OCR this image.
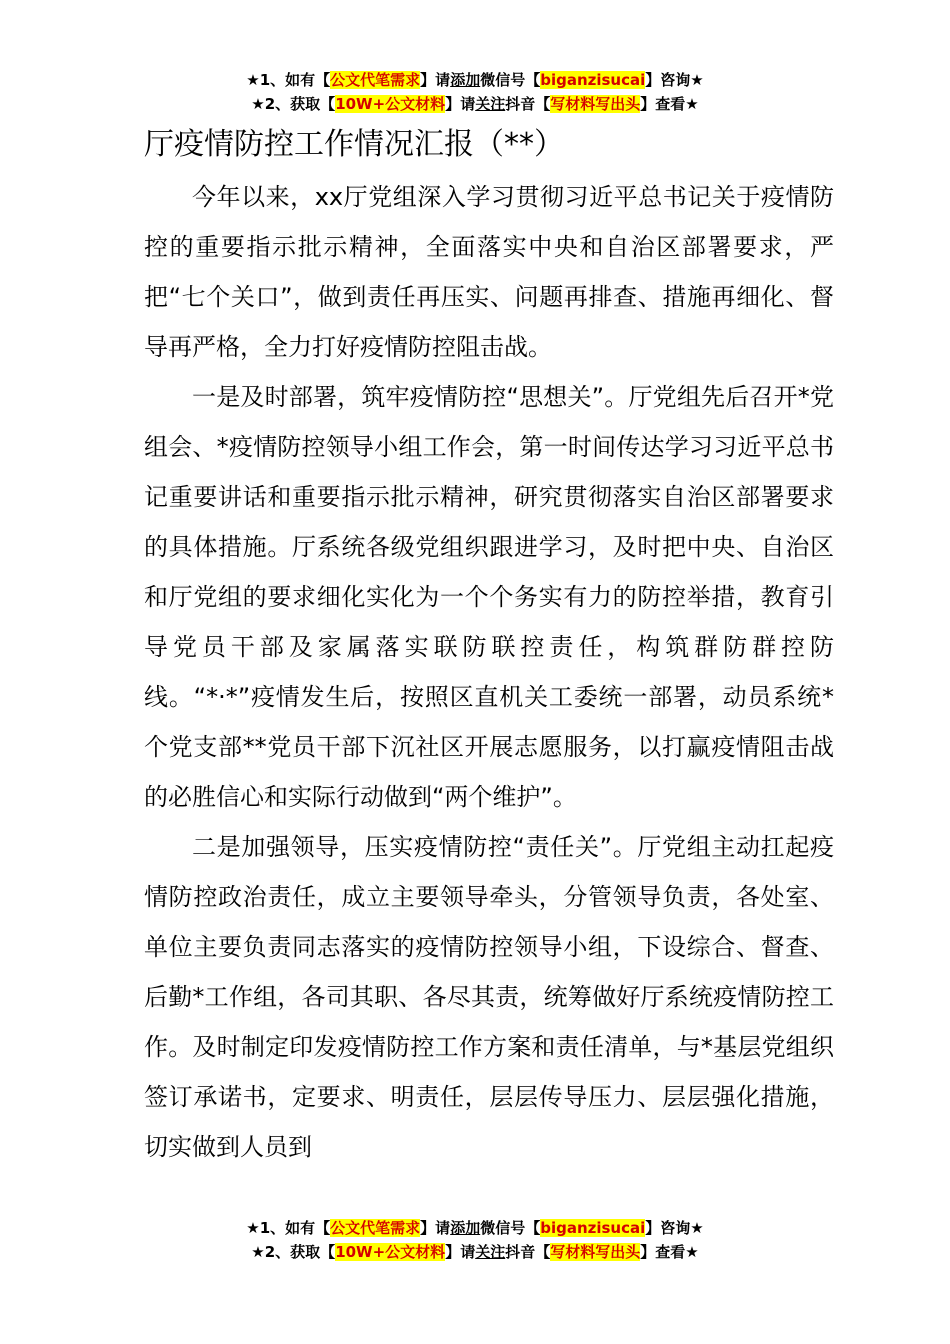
★1、如有【公文代笔需求】请添加微信号【biganzisucai】咨询★
★2、获取【10W+公文材料】请关注抖音【写材料写出头】查看★
厅疫情防控工作情况汇报（**）

今年以来，xx厅党组深入学习贯彻习近平总书记关于疫情防控的重要指示批示精神，全面落实中央和自治区部署要求，严把“七个关口”，做到责任再压实、问题再排查、措施再细化、督导再严格，全力打好疫情防控阻击战。

一是及时部署，筑牢疫情防控“思想关”。厅党组先后召开*党组会、*疫情防控领导小组工作会，第一时间传达学习习近平总书记重要讲话和重要指示批示精神，研究贯彻落实自治区部署要求的具体措施。厅系统各级党组织跟进学习，及时把中央、自治区和厅党组的要求细化实化为一个个务实有力的防控举措，教育引导党员干部及家属落实联防联控责任，构筑群防群控防线。“*·*”疫情发生后，按照区直机关工委统一部署，动员系统*个党支部**党员干部下沉社区开展志愿服务，以打赢疫情阻击战的必胜信心和实际行动做到“两个维护”。

二是加强领导，压实疫情防控“责任关”。厅党组主动扛起疫情防控政治责任，成立主要领导牵头，分管领导负责，各处室、单位主要负责同志落实的疫情防控领导小组，下设综合、督查、后勤*工作组，各司其职、各尽其责，统筹做好厅系统疫情防控工作。及时制定印发疫情防控工作方案和责任清单，与*基层党组织签订承诺书，定要求、明责任，层层传导压力、层层强化措施，切实做到人员到

★1、如有【公文代笔需求】请添加微信号【biganzisucai】咨询★
★2、获取【10W+公文材料】请关注抖音【写材料写出头】查看★
